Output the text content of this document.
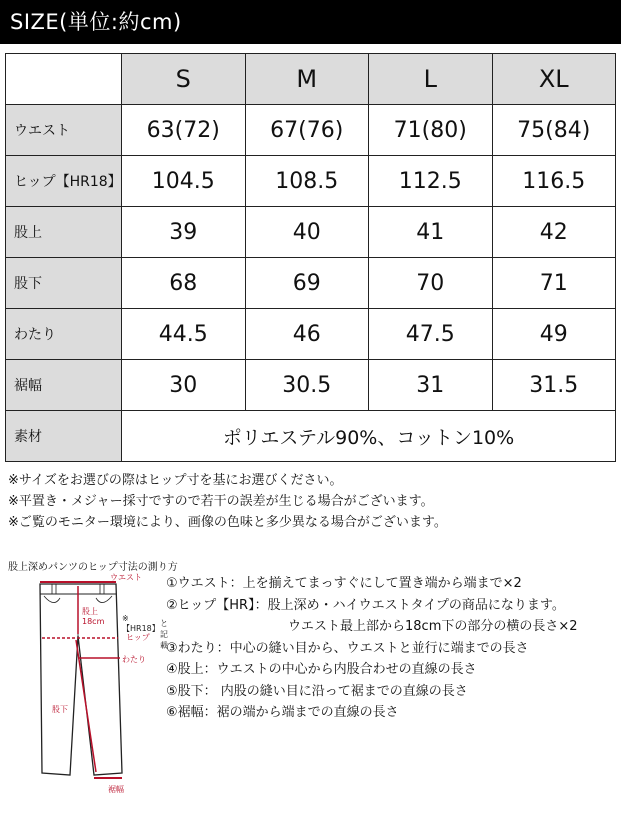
SIZE(単位:約cm)
	S	M	L	XL
ウエスト	63(72)	67(76)	71(80)	75(84)
ヒップ【HR18】	104.5	108.5	112.5	116.5
股上	39	40	41	42
股下	68	69	70	71
わたり	44.5	46	47.5	49
裾幅	30	30.5	31	31.5
素材	ポリエステル90%、コットン10%			
※サイズをお選びの際はヒップ寸を基にお選びください。
※平置き・メジャー採寸ですので若干の誤差が生じる場合がございます。
※ご覧のモニター環境により、画像の色味と多少異なる場合がございます。
股上深めパンツのヒップ寸法の測り方
ウエスト
股上
18cm ※【HR18】
と記載
ヒップ
わたり
股下
裾幅
①ウエスト：上を揃えてまっすぐにして置き端から端まで×2
②ヒップ【HR】：股上深め・ハイウエストタイプの商品になります。
ウエスト最上部から18cm下の部分の横の長さ×2
③わたり：中心の縫い目から、ウエストと並行に端までの長さ
④股上：ウエストの中心から内股合わせの直線の長さ
⑤股下： 内股の縫い目に沿って裾までの直線の長さ
⑥裾幅：裾の端から端までの直線の長さ
